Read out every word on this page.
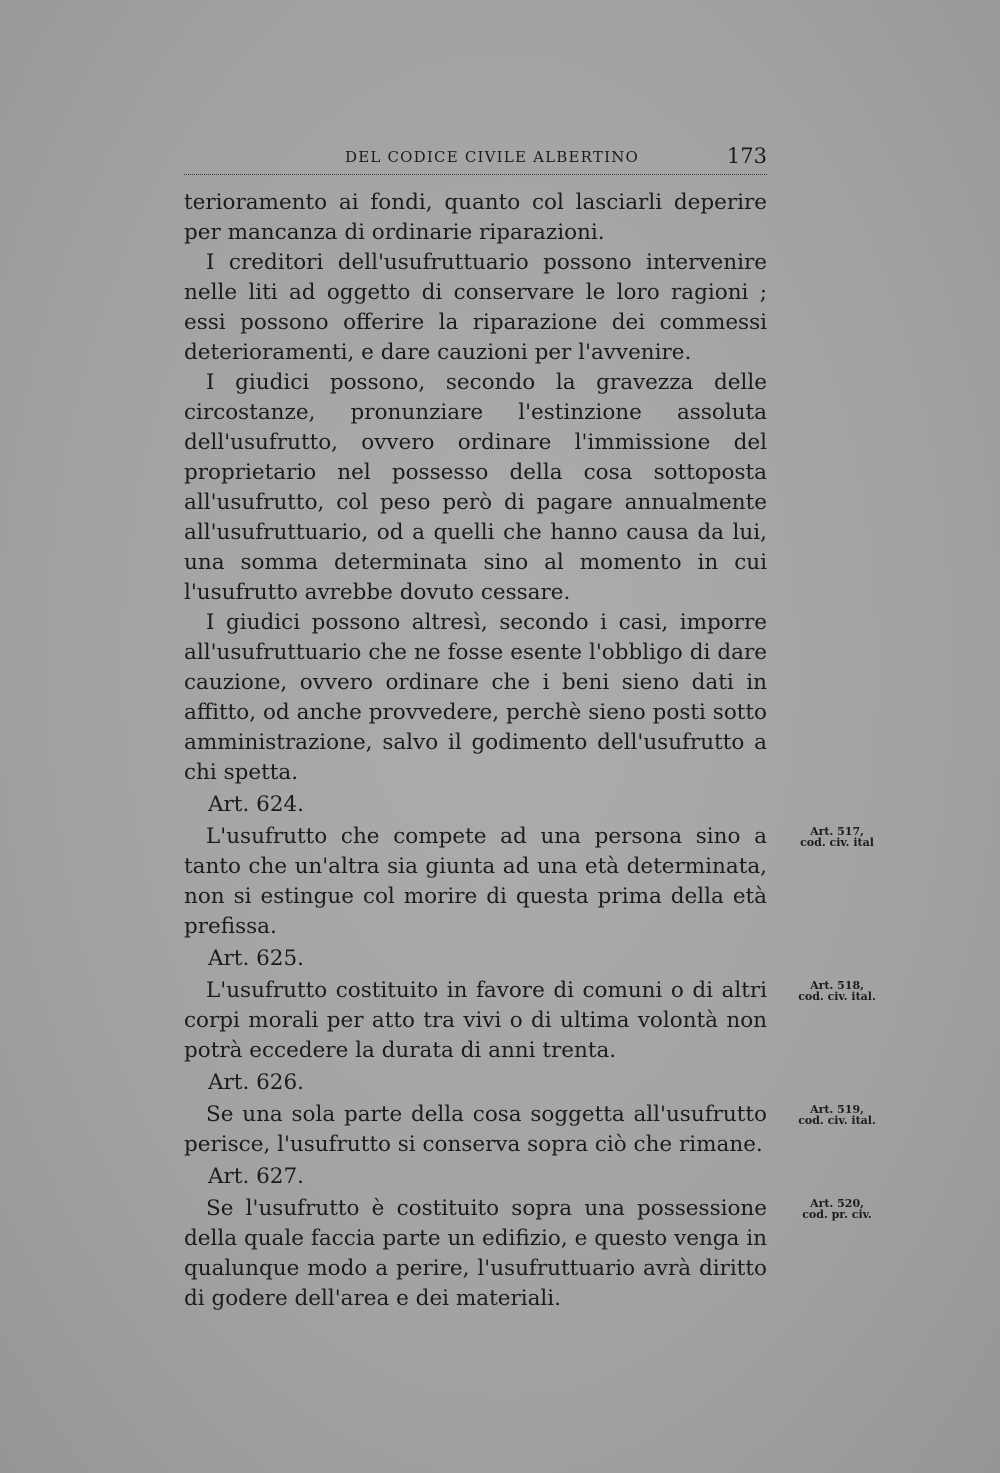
DEL CODICE CIVILE ALBERTINO	173

terioramento ai fondi, quanto col lasciarli deperire per mancanza di ordinarie riparazioni.

I creditori dell'usufruttuario possono intervenire nelle liti ad oggetto di conservare le loro ragioni ; essi possono offerire la riparazione dei commessi deterioramenti, e dare cauzioni per l'avvenire.

I giudici possono, secondo la gravezza delle circostanze, pronunziare l'estinzione assoluta dell'usufrutto, ovvero ordinare l'immissione del proprietario nel possesso della cosa sottoposta all'usufrutto, col peso però di pagare annualmente all'usufruttuario, od a quelli che hanno causa da lui, una somma determinata sino al momento in cui l'usufrutto avrebbe dovuto cessare.

I giudici possono altresì, secondo i casi, imporre all'usufruttuario che ne fosse esente l'obbligo di dare cauzione, ovvero ordinare che i beni sieno dati in affitto, od anche provvedere, perchè sieno posti sotto amministrazione, salvo il godimento dell'usufrutto a chi spetta.

Art. 624.

L'usufrutto che compete ad una persona sino a tanto che un'altra sia giunta ad una età determinata, non si estingue col morire di questa prima della età prefissa.

Art. 517,
cod. civ. ital

Art. 625.

L'usufrutto costituito in favore di comuni o di altri corpi morali per atto tra vivi o di ultima volontà non potrà eccedere la durata di anni trenta.

Art. 518,
cod. civ. ital.

Art. 626.

Se una sola parte della cosa soggetta all'usufrutto perisce, l'usufrutto si conserva sopra ciò che rimane.

Art. 519,
cod. civ. ital.

Art. 627.

Se l'usufrutto è costituito sopra una possessione della quale faccia parte un edifizio, e questo venga in qualunque modo a perire, l'usufruttuario avrà diritto di godere dell'area e dei materiali.

Art. 520,
cod. pr. civ.
